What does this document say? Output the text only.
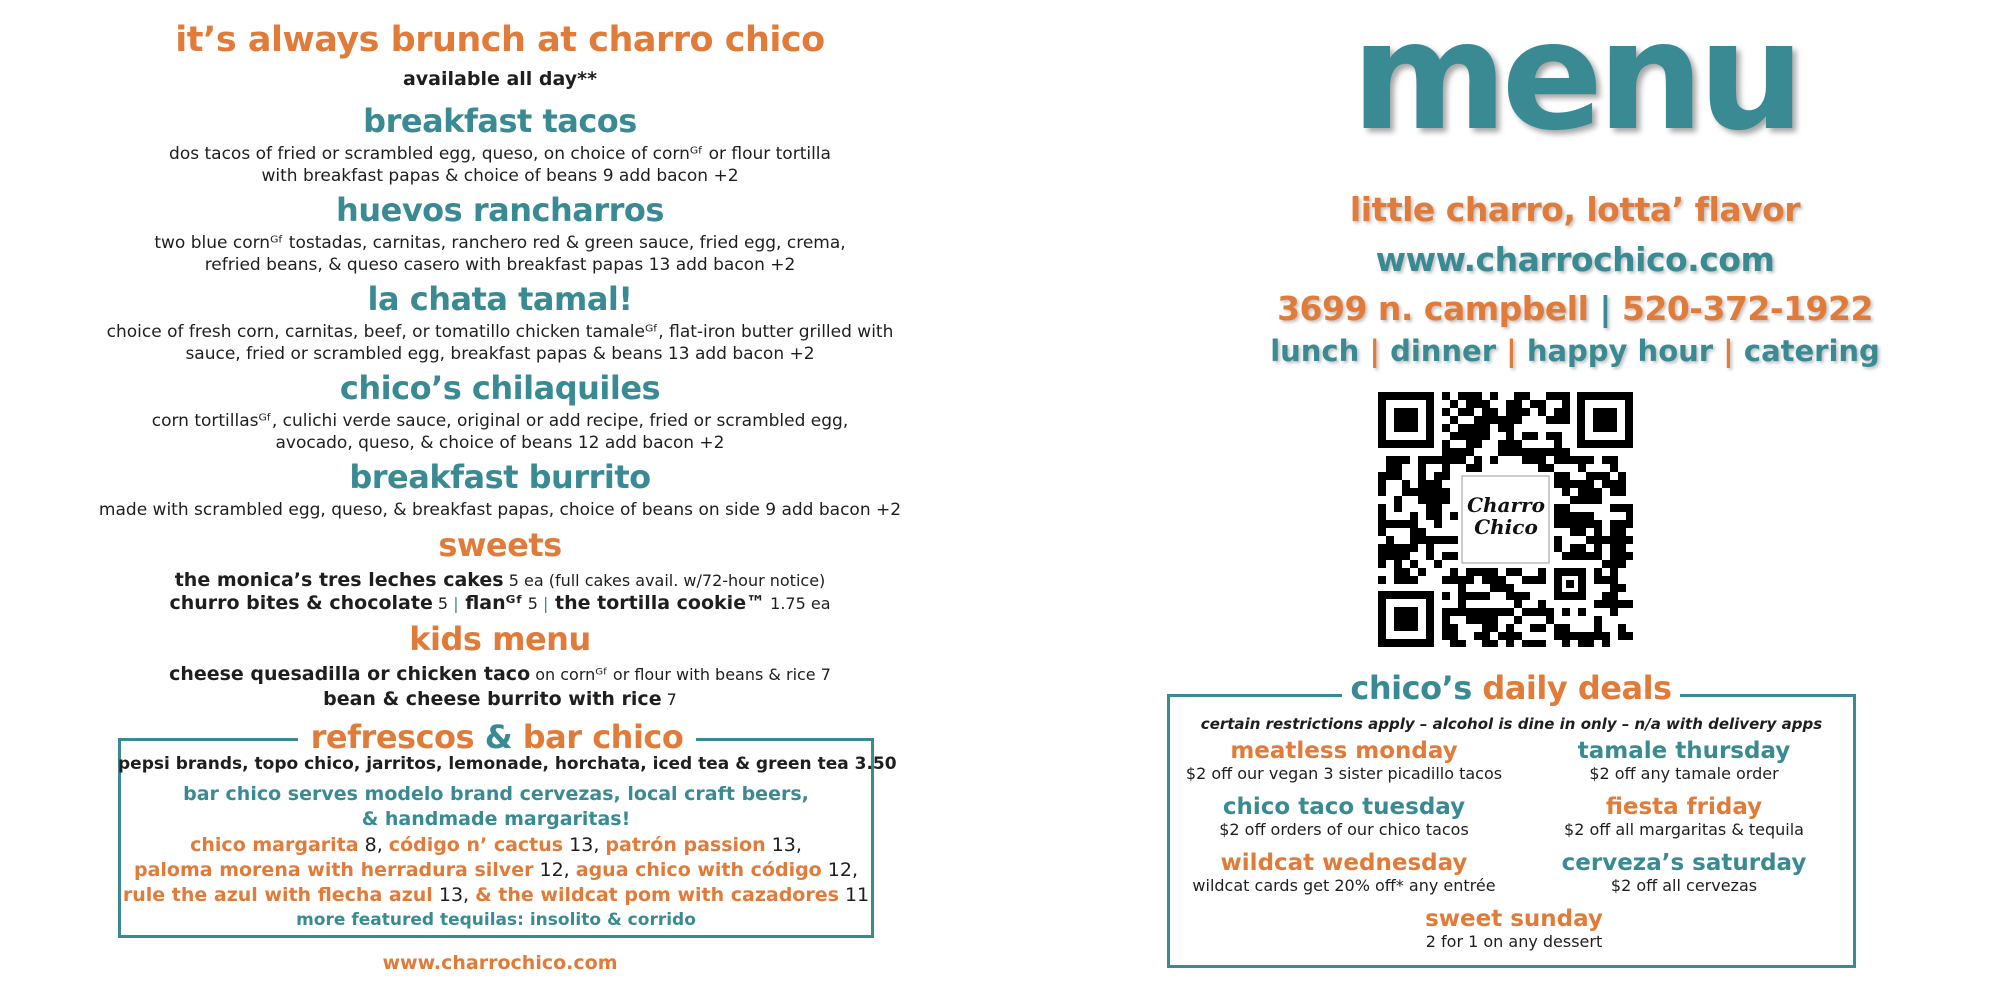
it’s always brunch at charro chico
available all day**
breakfast tacos
dos tacos of fried or scrambled egg, queso, on choice of cornᴳᶠ or flour tortilla
with breakfast papas & choice of beans 9 add bacon +2
huevos rancharros
two blue cornᴳᶠ tostadas, carnitas, ranchero red & green sauce, fried egg, crema,
refried beans, & queso casero with breakfast papas 13 add bacon +2
la chata tamal!
choice of fresh corn, carnitas, beef, or tomatillo chicken tamaleᴳᶠ, flat-iron butter grilled with
sauce, fried or scrambled egg, breakfast papas & beans 13 add bacon +2
chico’s chilaquiles
corn tortillasᴳᶠ, culichi verde sauce, original or add recipe, fried or scrambled egg,
avocado, queso, & choice of beans 12 add bacon +2
breakfast burrito
made with scrambled egg, queso, & breakfast papas, choice of beans on side 9 add bacon +2
sweets
the monica’s tres leches cakes 5 ea (full cakes avail. w/72-hour notice)
churro bites & chocolate 5 | flanᴳᶠ 5 | the tortilla cookie™ 1.75 ea
kids menu
cheese quesadilla or chicken taco on cornᴳᶠ or flour with beans & rice 7
bean & cheese burrito with rice 7
refrescos & bar chico
pepsi brands, topo chico, jarritos, lemonade, horchata, iced tea & green tea 3.50
bar chico serves modelo brand cervezas, local craft beers,
& handmade margaritas!
chico margarita 8, código n’ cactus 13, patrón passion 13,
paloma morena with herradura silver 12, agua chico with código 12,
rule the azul with flecha azul 13, & the wildcat pom with cazadores 11
more featured tequilas: insolito & corrido
www.charrochico.com
menu
little charro, lotta’ flavor
www.charrochico.com
3699 n. campbell | 520-372-1922
lunch | dinner | happy hour | catering
Charro
Chico
chico’s daily deals
certain restrictions apply – alcohol is dine in only – n/a with delivery apps
meatless monday
$2 off our vegan 3 sister picadillo tacos
tamale thursday
$2 off any tamale order
chico taco tuesday
$2 off orders of our chico tacos
fiesta friday
$2 off all margaritas & tequila
wildcat wednesday
wildcat cards get 20% off* any entrée
cerveza’s saturday
$2 off all cervezas
sweet sunday
2 for 1 on any dessert
